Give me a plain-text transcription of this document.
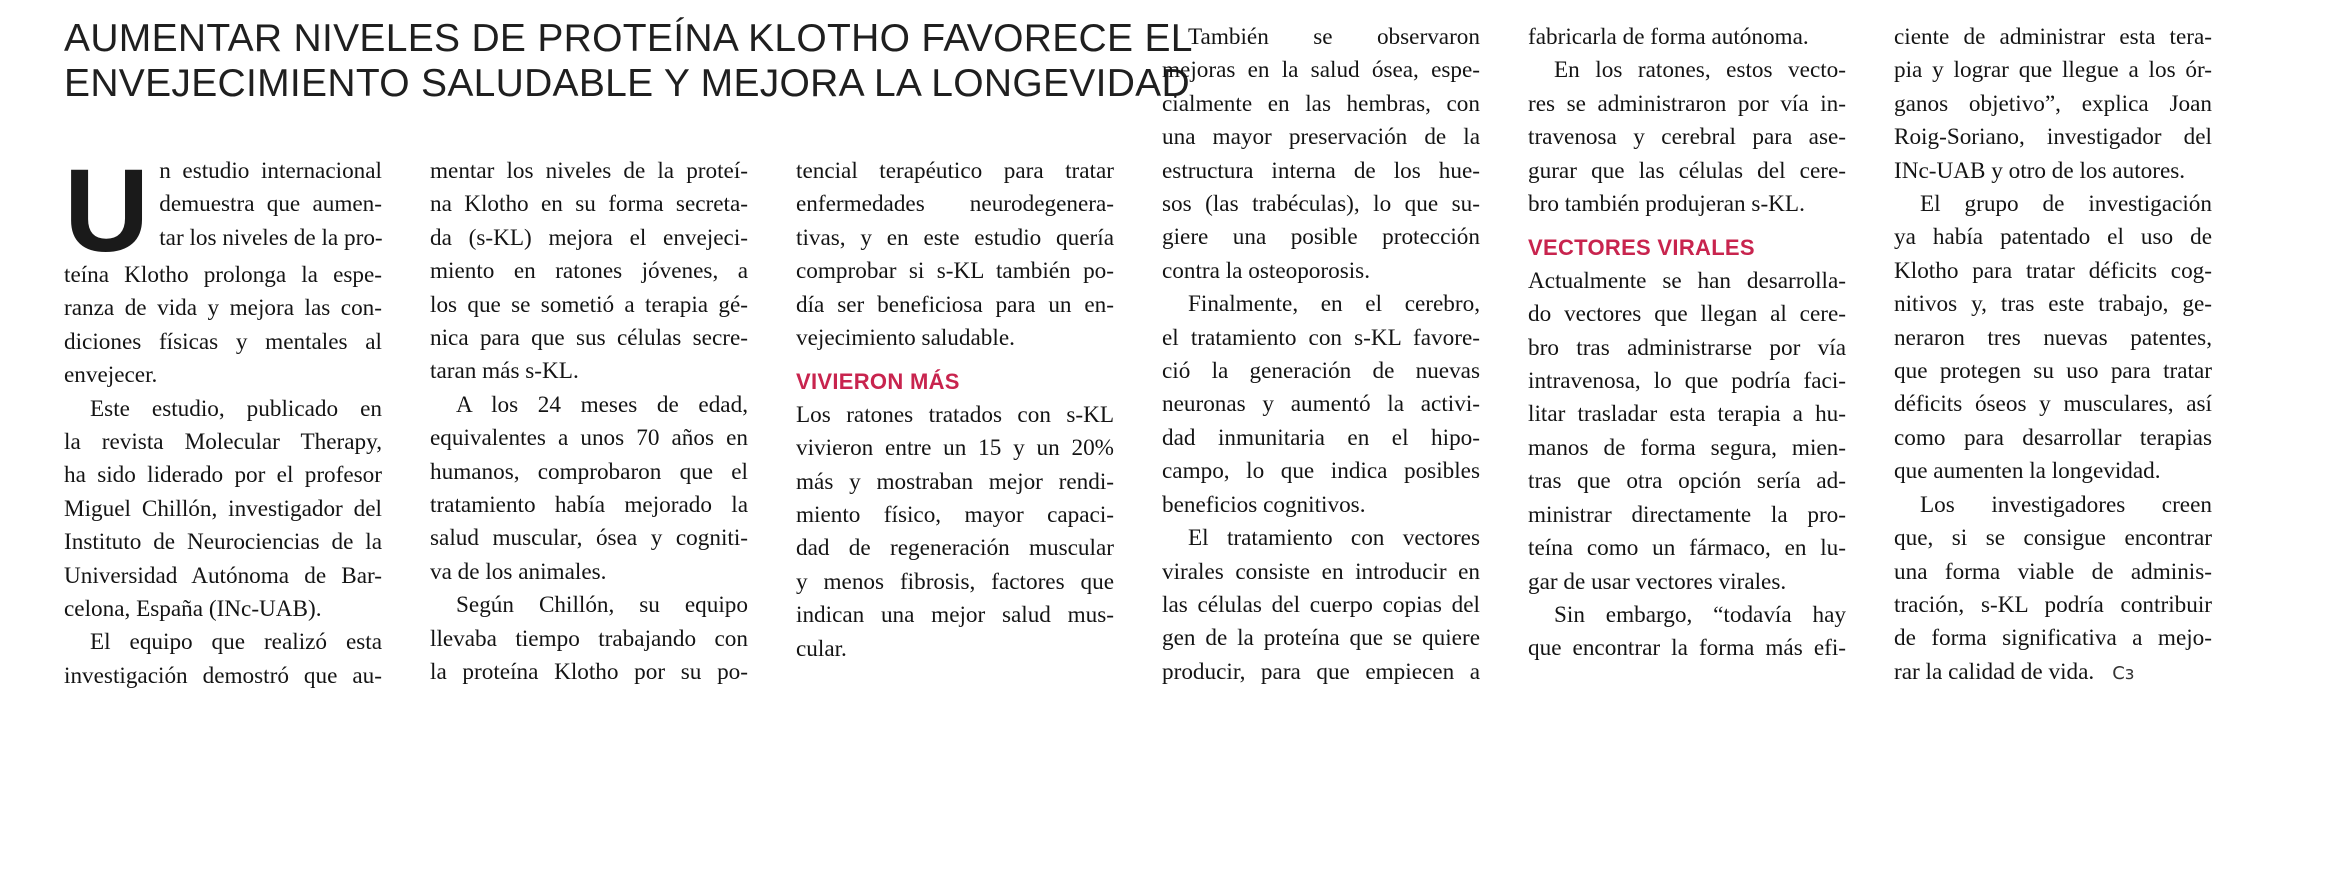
AUMENTAR NIVELES DE PROTEÍNA KLOTHO FAVORECE EL
ENVEJECIMIENTO SALUDABLE Y MEJORA LA LONGEVIDAD
U n estudio internacional
demuestra que aumen-
tar los niveles de la pro-
teína Klotho prolonga la espe-
ranza de vida y mejora las con-
diciones físicas y mentales al
envejecer.
Este estudio, publicado en
la revista Molecular Therapy,
ha sido liderado por el profesor
Miguel Chillón, investigador del
Instituto de Neurociencias de la
Universidad Autónoma de Bar-
celona, España (INc-UAB).
El equipo que realizó esta
investigación demostró que au-
mentar los niveles de la proteí-
na Klotho en su forma secreta-
da (s-KL) mejora el envejeci-
miento en ratones jóvenes, a
los que se sometió a terapia gé-
nica para que sus células secre-
taran más s-KL.
A los 24 meses de edad,
equivalentes a unos 70 años en
humanos, comprobaron que el
tratamiento había mejorado la
salud muscular, ósea y cogniti-
va de los animales.
Según Chillón, su equipo
llevaba tiempo trabajando con
la proteína Klotho por su po-
tencial terapéutico para tratar
enfermedades neurodegenera-
tivas, y en este estudio quería
comprobar si s-KL también po-
día ser beneficiosa para un en-
vejecimiento saludable.
VIVIERON MÁS
Los ratones tratados con s-KL
vivieron entre un 15 y un 20%
más y mostraban mejor rendi-
miento físico, mayor capaci-
dad de regeneración muscular
y menos fibrosis, factores que
indican una mejor salud mus-
cular.
También se observaron
mejoras en la salud ósea, espe-
cialmente en las hembras, con
una mayor preservación de la
estructura interna de los hue-
sos (las trabéculas), lo que su-
giere una posible protección
contra la osteoporosis.
Finalmente, en el cerebro,
el tratamiento con s-KL favore-
ció la generación de nuevas
neuronas y aumentó la activi-
dad inmunitaria en el hipo-
campo, lo que indica posibles
beneficios cognitivos.
El tratamiento con vectores
virales consiste en introducir en
las células del cuerpo copias del
gen de la proteína que se quiere
producir, para que empiecen a
fabricarla de forma autónoma.
En los ratones, estos vecto-
res se administraron por vía in-
travenosa y cerebral para ase-
gurar que las células del cere-
bro también produjeran s-KL.
VECTORES VIRALES
Actualmente se han desarrolla-
do vectores que llegan al cere-
bro tras administrarse por vía
intravenosa, lo que podría faci-
litar trasladar esta terapia a hu-
manos de forma segura, mien-
tras que otra opción sería ad-
ministrar directamente la pro-
teína como un fármaco, en lu-
gar de usar vectores virales.
Sin embargo, “todavía hay
que encontrar la forma más efi-
ciente de administrar esta tera-
pia y lograr que llegue a los ór-
ganos objetivo”, explica Joan
Roig-Soriano, investigador del
INc-UAB y otro de los autores.
El grupo de investigación
ya había patentado el uso de
Klotho para tratar déficits cog-
nitivos y, tras este trabajo, ge-
neraron tres nuevas patentes,
que protegen su uso para tratar
déficits óseos y musculares, así
como para desarrollar terapias
que aumenten la longevidad.
Los investigadores creen
que, si se consigue encontrar
una forma viable de adminis-
tración, s-KL podría contribuir
de forma significativa a mejo-
rar la calidad de vida. Cɜ
